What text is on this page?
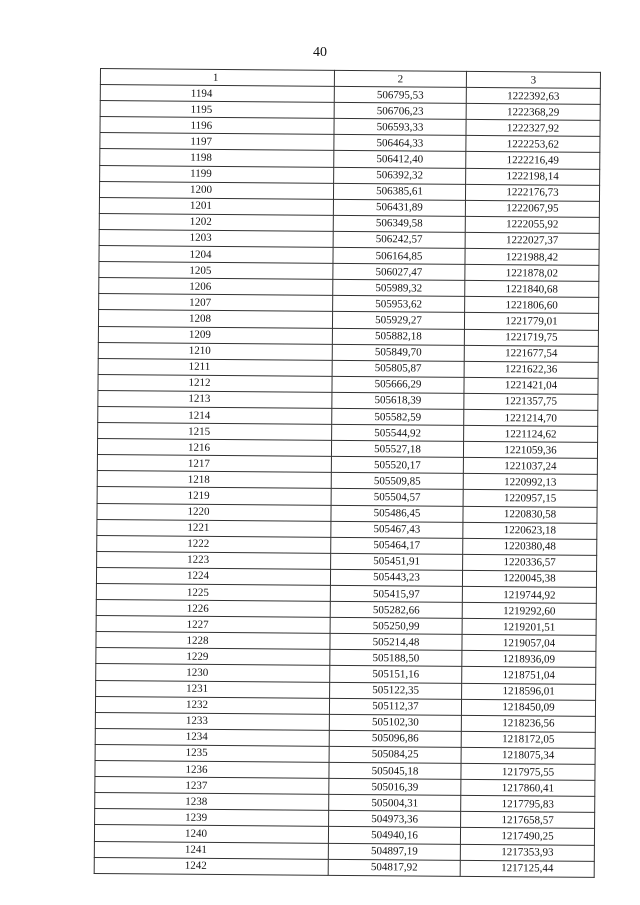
40
1	2	3
1194	506795,53	1222392,63
1195	506706,23	1222368,29
1196	506593,33	1222327,92
1197	506464,33	1222253,62
1198	506412,40	1222216,49
1199	506392,32	1222198,14
1200	506385,61	1222176,73
1201	506431,89	1222067,95
1202	506349,58	1222055,92
1203	506242,57	1222027,37
1204	506164,85	1221988,42
1205	506027,47	1221878,02
1206	505989,32	1221840,68
1207	505953,62	1221806,60
1208	505929,27	1221779,01
1209	505882,18	1221719,75
1210	505849,70	1221677,54
1211	505805,87	1221622,36
1212	505666,29	1221421,04
1213	505618,39	1221357,75
1214	505582,59	1221214,70
1215	505544,92	1221124,62
1216	505527,18	1221059,36
1217	505520,17	1221037,24
1218	505509,85	1220992,13
1219	505504,57	1220957,15
1220	505486,45	1220830,58
1221	505467,43	1220623,18
1222	505464,17	1220380,48
1223	505451,91	1220336,57
1224	505443,23	1220045,38
1225	505415,97	1219744,92
1226	505282,66	1219292,60
1227	505250,99	1219201,51
1228	505214,48	1219057,04
1229	505188,50	1218936,09
1230	505151,16	1218751,04
1231	505122,35	1218596,01
1232	505112,37	1218450,09
1233	505102,30	1218236,56
1234	505096,86	1218172,05
1235	505084,25	1218075,34
1236	505045,18	1217975,55
1237	505016,39	1217860,41
1238	505004,31	1217795,83
1239	504973,36	1217658,57
1240	504940,16	1217490,25
1241	504897,19	1217353,93
1242	504817,92	1217125,44
